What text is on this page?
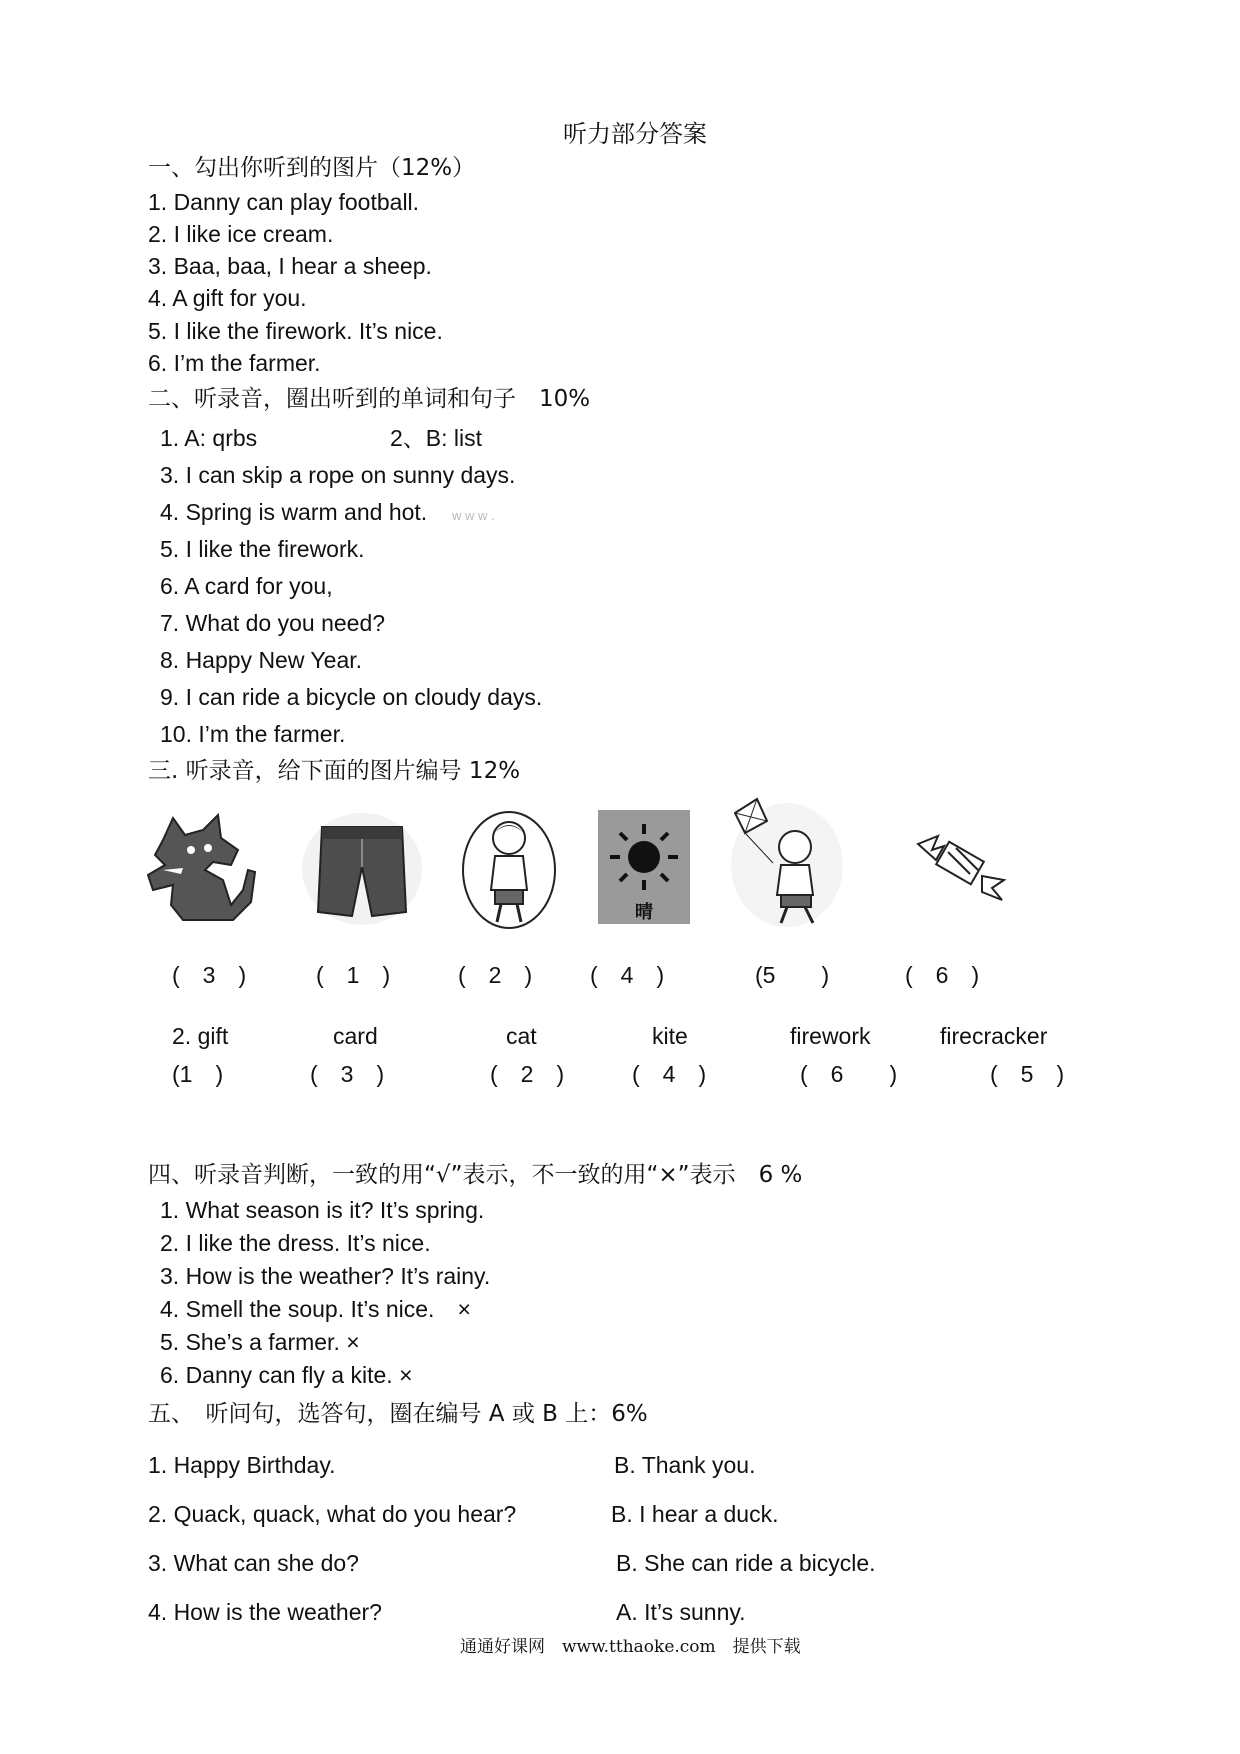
听力部分答案
一、勾出你听到的图片（12%）
1. Danny can play football.
2. I like ice cream.
3. Baa, baa, I hear a sheep.
4. A gift for you.
5. I like the firework. It’s nice.
6. I’m the farmer.
二、听录音，圈出听到的单词和句子　10%
1. A: qrbs	2、B: list
3. I can skip a rope on sunny days.
4. Spring is warm and hot. w w w .
5. I like the firework.
6. A card for you,
7. What do you need?
8. Happy New Year.
9. I can ride a bicycle on cloudy days.
10. I’m the farmer.
三. 听录音，给下面的图片编号 12%
晴
(　3　)	(　1　)	(　2　)	(　4　)	(5　　)	(　6　)
2. gift	card	cat	kite	firework	firecracker
(1　)	(　3　)	(　2　)	(　4　)	(　6　　)	(　5　)
四、听录音判断，一致的用“√”表示，不一致的用“×”表示　6 %
1. What season is it? It’s spring.
2. I like the dress. It’s nice.
3. How is the weather? It’s rainy.
4. Smell the soup. It’s nice.　×
5. She’s a farmer. ×
6. Danny can fly a kite. ×
五、　听问句，选答句，圈在编号 A 或 B 上：6%
1. Happy Birthday.	B. Thank you.
2. Quack, quack, what do you hear?	B. I hear a duck.
3. What can she do?	B. She can ride a bicycle.
4. How is the weather?	A. It’s sunny.
通通好课网　www.tthaoke.com　提供下载
